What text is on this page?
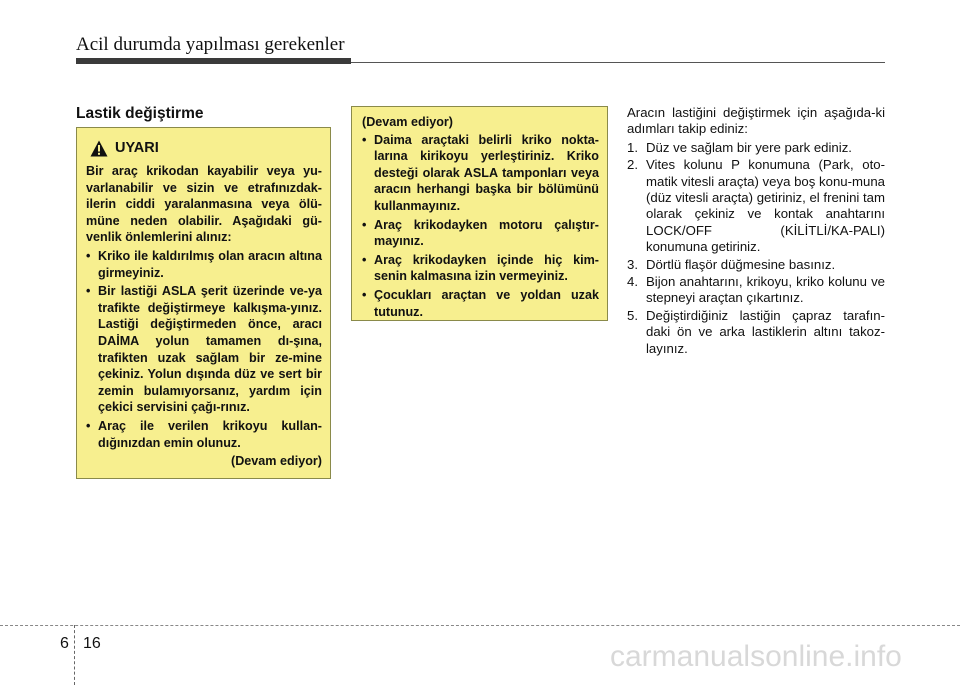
Acil durumda yapılması gerekenler
Lastik değiştirme
UYARI
Bir araç krikodan kayabilir veya yu-varlanabilir ve sizin ve etrafınızdak-ilerin ciddi yaralanmasına veya ölü-müne neden olabilir. Aşağıdaki gü-venlik önlemlerini alınız:
• Kriko ile kaldırılmış olan aracın altına girmeyiniz.
• Bir lastiği ASLA şerit üzerinde ve-ya trafikte değiştirmeye kalkışma-yınız. Lastiği değiştirmeden önce, aracı DAİMA yolun tamamen dı-şına, trafikten uzak sağlam bir ze-mine çekiniz. Yolun dışında düz ve sert bir zemin bulamıyorsanız, yardım için çekici servisini çağı-rınız.
• Araç ile verilen krikoyu kullan-dığınızdan emin olunuz.
(Devam ediyor)
(Devam ediyor)
• Daima araçtaki belirli kriko nokta-larına kirikoyu yerleştiriniz. Kriko desteği olarak ASLA tamponları veya aracın herhangi başka bir bölümünü kullanmayınız.
• Araç krikodayken motoru çalıştır-mayınız.
• Araç krikodayken içinde hiç kim-senin kalmasına izin vermeyiniz.
• Çocukları araçtan ve yoldan uzak tutunuz.
Aracın lastiğini değiştirmek için aşağıda-ki adımları takip ediniz:
1. Düz ve sağlam bir yere park ediniz.
2. Vites kolunu P konumuna (Park, oto-matik vitesli araçta) veya boş konu-muna (düz vitesli araçta) getiriniz, el frenini tam olarak çekiniz ve kontak anahtarını LOCK/OFF (KİLİTLİ/KA-PALI) konumuna getiriniz.
3. Dörtlü flaşör düğmesine basınız.
4. Bijon anahtarını, krikoyu, kriko kolunu ve stepneyi araçtan çıkartınız.
5. Değiştirdiğiniz lastiğin çapraz tarafın-daki ön ve arka lastiklerin altını takoz-layınız.
6 16	carmanualsonline.info
